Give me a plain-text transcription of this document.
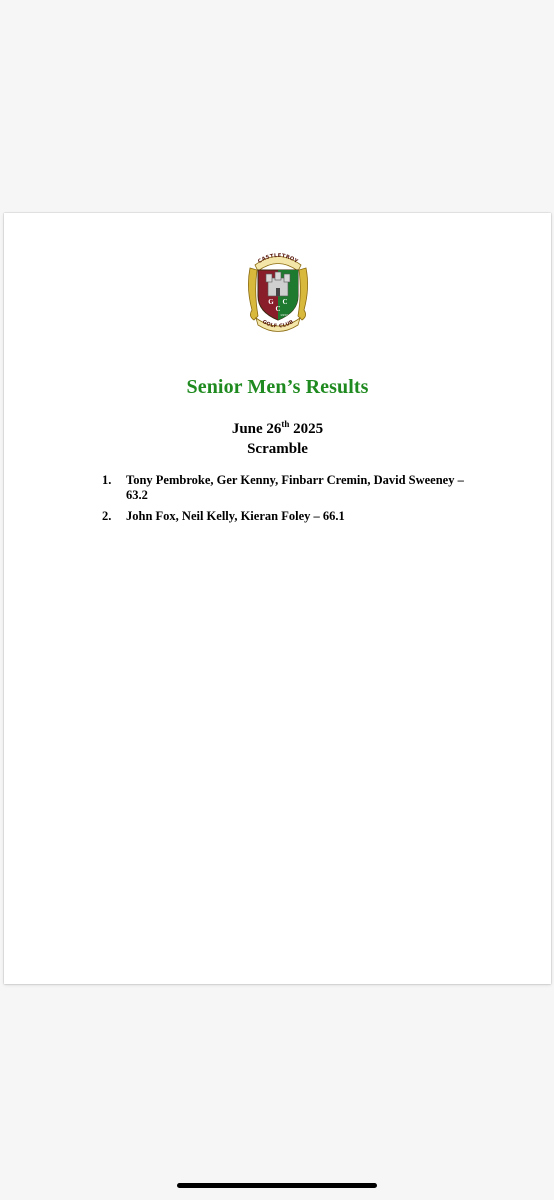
CASTLETROY
GOLF CLUB
G C
C
1937
Senior Men’s Results
June 26th 2025
Scramble
1. Tony Pembroke, Ger Kenny, Finbarr Cremin, David Sweeney – 63.2
2. John Fox, Neil Kelly, Kieran Foley – 66.1
